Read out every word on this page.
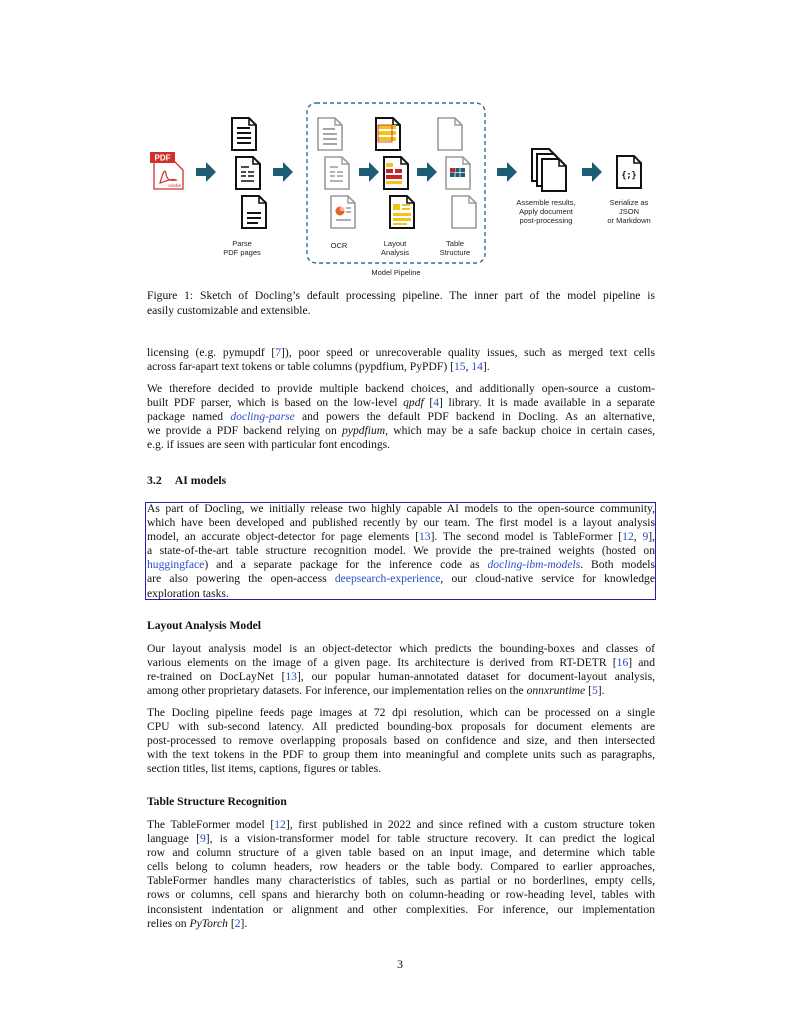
PDF
Adobe
{;}
Parse
PDF pages
OCR	Layout
Analysis
Table
Structure
Model Pipeline
Assemble results,
Apply document
post-processing
Serialize as
JSON
or Markdown
Figure 1: Sketch of Docling’s default processing pipeline. The inner part of the model pipeline is
easily customizable and extensible.
licensing (e.g. pymupdf [7]), poor speed or unrecoverable quality issues, such as merged text cells
across far-apart text tokens or table columns (pypdfium, PyPDF) [15, 14].
We therefore decided to provide multiple backend choices, and additionally open-source a custom-
built PDF parser, which is based on the low-level qpdf [4] library. It is made available in a separate
package named docling-parse and powers the default PDF backend in Docling. As an alternative,
we provide a PDF backend relying on pypdfium, which may be a safe backup choice in certain cases,
e.g. if issues are seen with particular font encodings.
3.2 AI models
As part of Docling, we initially release two highly capable AI models to the open-source community,
which have been developed and published recently by our team. The first model is a layout analysis
model, an accurate object-detector for page elements [13]. The second model is TableFormer [12, 9],
a state-of-the-art table structure recognition model. We provide the pre-trained weights (hosted on
huggingface) and a separate package for the inference code as docling-ibm-models. Both models
are also powering the open-access deepsearch-experience, our cloud-native service for knowledge
exploration tasks.
Layout Analysis Model
Our layout analysis model is an object-detector which predicts the bounding-boxes and classes of
various elements on the image of a given page. Its architecture is derived from RT-DETR [16] and
re-trained on DocLayNet [13], our popular human-annotated dataset for document-layout analysis,
among other proprietary datasets. For inference, our implementation relies on the onnxruntime [5].
The Docling pipeline feeds page images at 72 dpi resolution, which can be processed on a single
CPU with sub-second latency. All predicted bounding-box proposals for document elements are
post-processed to remove overlapping proposals based on confidence and size, and then intersected
with the text tokens in the PDF to group them into meaningful and complete units such as paragraphs,
section titles, list items, captions, figures or tables.
Table Structure Recognition
The TableFormer model [12], first published in 2022 and since refined with a custom structure token
language [9], is a vision-transformer model for table structure recovery. It can predict the logical
row and column structure of a given table based on an input image, and determine which table
cells belong to column headers, row headers or the table body. Compared to earlier approaches,
TableFormer handles many characteristics of tables, such as partial or no borderlines, empty cells,
rows or columns, cell spans and hierarchy both on column-heading or row-heading level, tables with
inconsistent indentation or alignment and other complexities. For inference, our implementation
relies on PyTorch [2].
3
